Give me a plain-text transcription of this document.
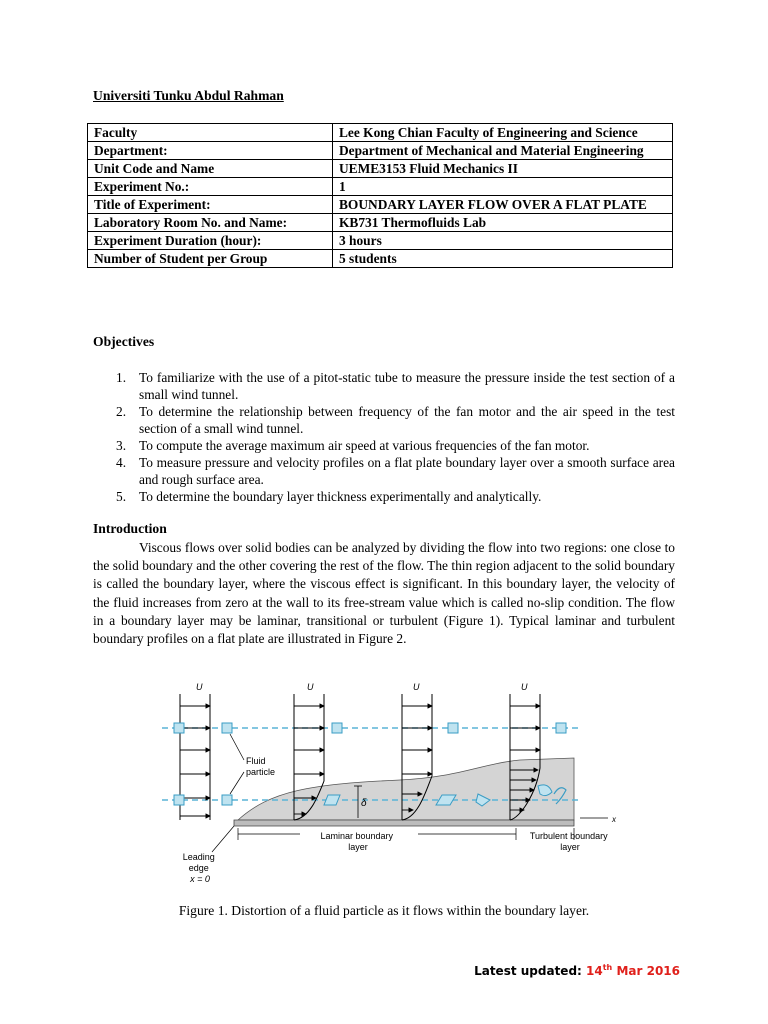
Universiti Tunku Abdul Rahman
Faculty	Lee Kong Chian Faculty of Engineering and Science
Department:	Department of Mechanical and Material Engineering
Unit Code and Name	UEME3153 Fluid Mechanics II
Experiment No.:	1
Title of Experiment:	BOUNDARY LAYER FLOW OVER A FLAT PLATE
Laboratory Room No. and Name:	KB731 Thermofluids Lab
Experiment Duration (hour):	3 hours
Number of Student per Group	5 students
Objectives
1. To familiarize with the use of a pitot-static tube to measure the pressure inside the test section of a small wind tunnel.
2. To determine the relationship between frequency of the fan motor and the air speed in the test section of a small wind tunnel.
3. To compute the average maximum air speed at various frequencies of the fan motor.
4. To measure pressure and velocity profiles on a flat plate boundary layer over a smooth surface area and rough surface area.
5. To determine the boundary layer thickness experimentally and analytically.
Introduction

Viscous flows over solid bodies can be analyzed by dividing the flow into two regions: one close to the solid boundary and the other covering the rest of the flow. The thin region adjacent to the solid boundary is called the boundary layer, where the viscous effect is significant. In this boundary layer, the velocity of the fluid increases from zero at the wall to its free-stream value which is called no-slip condition. The flow in a boundary layer may be laminar, transitional or turbulent (Figure 1). Typical laminar and turbulent boundary profiles on a flat plate are illustrated in Figure 2.

x
U	U	U	U
Fluid particle
δ
Laminar boundary layer
Turbulent boundary layer
Leading edge x = 0
Figure 1. Distortion of a fluid particle as it flows within the boundary layer.
Latest updated: 14th Mar 2016
